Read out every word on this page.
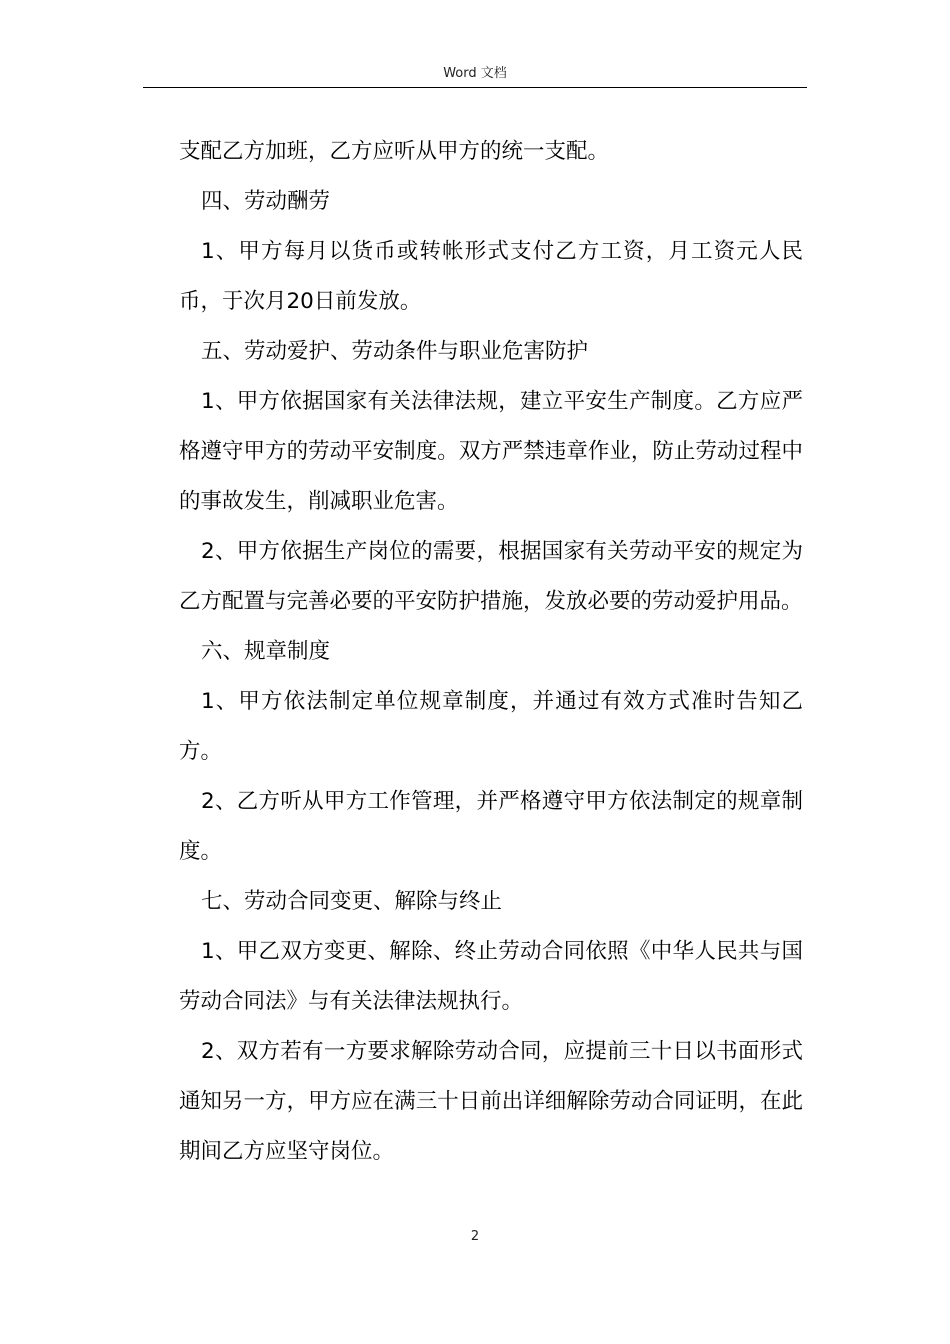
Word 文档

支配乙方加班，乙方应听从甲方的统一支配。

四、劳动酬劳

1、甲方每月以货币或转帐形式支付乙方工资，月工资元人民币，于次月20日前发放。

五、劳动爱护、劳动条件与职业危害防护

1、甲方依据国家有关法律法规，建立平安生产制度。乙方应严格遵守甲方的劳动平安制度。双方严禁违章作业，防止劳动过程中的事故发生，削减职业危害。

2、甲方依据生产岗位的需要，根据国家有关劳动平安的规定为乙方配置与完善必要的平安防护措施，发放必要的劳动爱护用品。

六、规章制度

1、甲方依法制定单位规章制度，并通过有效方式准时告知乙方。

2、乙方听从甲方工作管理，并严格遵守甲方依法制定的规章制度。

七、劳动合同变更、解除与终止

1、甲乙双方变更、解除、终止劳动合同依照《中华人民共与国劳动合同法》与有关法律法规执行。

2、双方若有一方要求解除劳动合同，应提前三十日以书面形式通知另一方，甲方应在满三十日前出详细解除劳动合同证明，在此期间乙方应坚守岗位。

2
